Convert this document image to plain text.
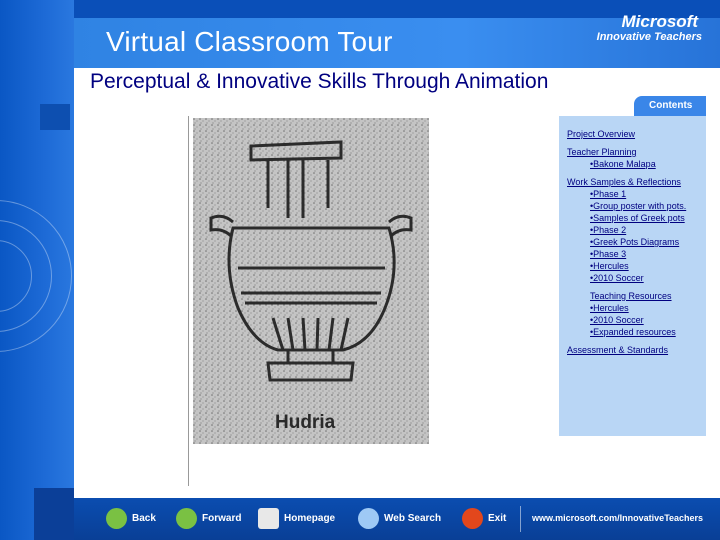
Virtual Classroom Tour
Microsoft
Innovative Teachers
Perceptual & Innovative Skills Through Animation
Hudria
Contents
Project Overview
Teacher Planning
•Bakone Malapa
Work Samples & Reflections
•Phase 1
•Group poster with pots.
•Samples of Greek pots
•Phase 2
•Greek Pots Diagrams
•Phase 3
•Hercules
•2010 Soccer
Teaching Resources
•Hercules
•2010 Soccer
•Expanded resources
Assessment & Standards
Back	Forward	Homepage	Web Search	Exit	www.microsoft.com/InnovativeTeachers
